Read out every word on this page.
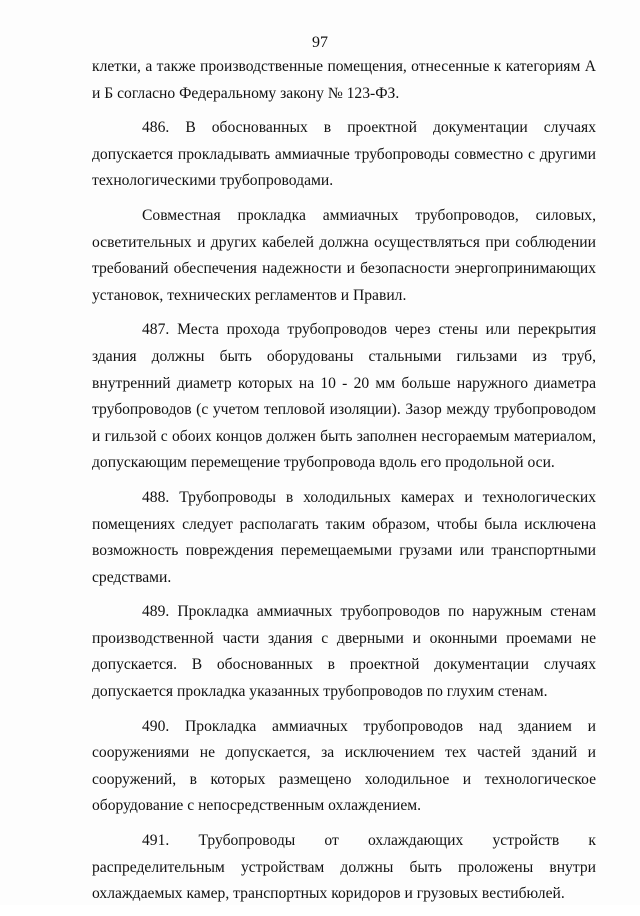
97

клетки, а также производственные помещения, отнесенные к категориям А и Б согласно Федеральному закону № 123-ФЗ.

486. В обоснованных в проектной документации случаях допускается прокладывать аммиачные трубопроводы совместно с другими технологическими трубопроводами.

Совместная прокладка аммиачных трубопроводов, силовых, осветительных и других кабелей должна осуществляться при соблюдении требований обеспечения надежности и безопасности энергопринимающих установок, технических регламентов и Правил.

487. Места прохода трубопроводов через стены или перекрытия здания должны быть оборудованы стальными гильзами из труб, внутренний диаметр которых на 10 - 20 мм больше наружного диаметра трубопроводов (с учетом тепловой изоляции). Зазор между трубопроводом и гильзой с обоих концов должен быть заполнен несгораемым материалом, допускающим перемещение трубопровода вдоль его продольной оси.

488. Трубопроводы в холодильных камерах и технологических помещениях следует располагать таким образом, чтобы была исключена возможность повреждения перемещаемыми грузами или транспортными средствами.

489. Прокладка аммиачных трубопроводов по наружным стенам производственной части здания с дверными и оконными проемами не допускается. В обоснованных в проектной документации случаях допускается прокладка указанных трубопроводов по глухим стенам.

490. Прокладка аммиачных трубопроводов над зданием и сооружениями не допускается, за исключением тех частей зданий и сооружений, в которых размещено холодильное и технологическое оборудование с непосредственным охлаждением.

491. Трубопроводы от охлаждающих устройств к распределительным устройствам должны быть проложены внутри охлаждаемых камер, транспортных коридоров и грузовых вестибюлей.
